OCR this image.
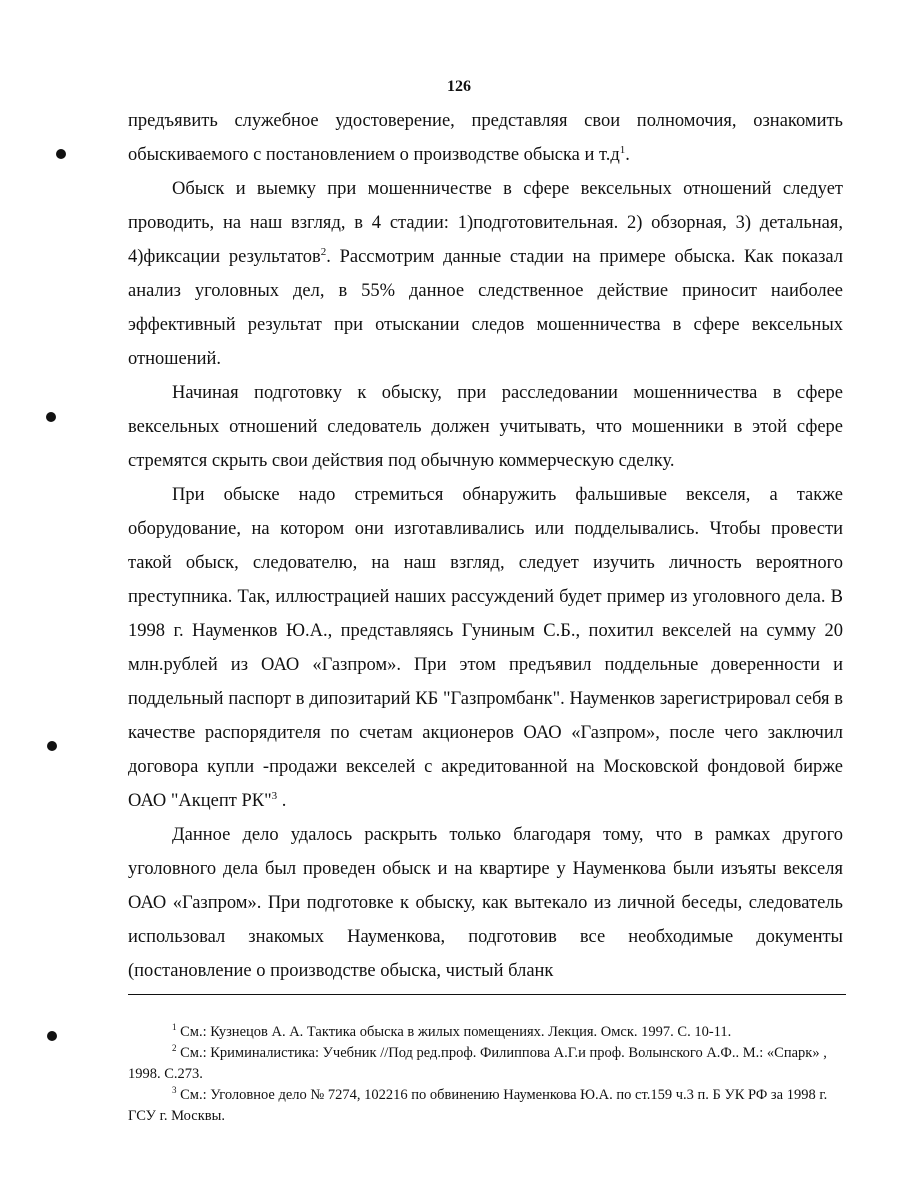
126

предъявить служебное удостоверение, представляя свои полномочия, ознакомить обыскиваемого с постановлением о производстве обыска и $т.д^1$.

Обыск и выемку при мошенничестве в сфере вексельных отношений следует проводить, на наш взгляд, в 4 стадии: 1)подготовительная. 2) обзорная, 3) детальная, 4)фиксации результатов$^2$. Рассмотрим данные стадии на примере обыска. Как показал анализ уголовных дел, в 55% данное следственное действие приносит наиболее эффективный результат при отыскании следов мошенничества в сфере вексельных отношений.

Начиная подготовку к обыску, при расследовании мошенничества в сфере вексельных отношений следователь должен учитывать, что мошенники в этой сфере стремятся скрыть свои действия под обычную коммерческую сделку.

При обыске надо стремиться обнаружить фальшивые векселя, а также оборудование, на котором они изготавливались или подделывались. Чтобы провести такой обыск, следователю, на наш взгляд, следует изучить личность вероятного преступника. Так, иллюстрацией наших рассуждений будет пример из уголовного дела. В 1998 г. Науменков Ю.А., представляясь Гуниным С.Б., похитил векселей на сумму 20 млн.рублей из ОАО «Газпром». При этом предъявил поддельные доверенности и поддельный паспорт в дипозитарий КБ "Газпромбанк". Науменков зарегистрировал себя в качестве распорядителя по счетам акционеров ОАО «Газпром», после чего заключил договора купли -продажи векселей с акредитованной на Московской фондовой бирже ОАО "Акцепт РК"$^3$ .

Данное дело удалось раскрыть только благодаря тому, что в рамках другого уголовного дела был проведен обыск и на квартире у Науменкова были изъяты векселя ОАО «Газпром». При подготовке к обыску, как вытекало из личной беседы, следователь использовал знакомых Науменкова, подготовив все необходимые документы (постановление о производстве обыска, чистый бланк

$^1$ См.: Кузнецов А. А. Тактика обыска в жилых помещениях. Лекция. Омск. 1997. С. 10-11.

$^2$ См.: Криминалистика: Учебник //Под ред.проф. Филиппова А.Г.и проф. Волынского А.Ф.. М.: «Спарк» , 1998. С.273.

$^3$ См.: Уголовное дело № 7274, 102216 по обвинению Науменкова Ю.А. по ст.159 ч.3 п. Б УК РФ за 1998 г. ГСУ г. Москвы.
